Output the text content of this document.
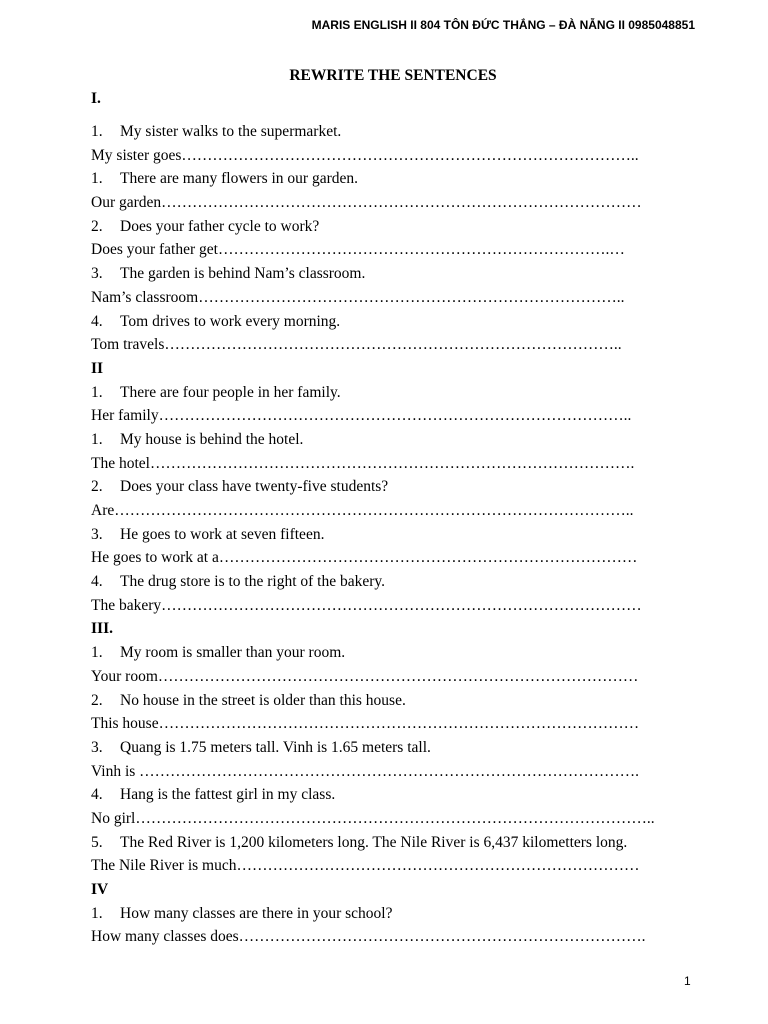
MARIS ENGLISH II 804 TÔN ĐỨC THẮNG – ĐÀ NẴNG II 0985048851
REWRITE THE SENTENCES
I.
1. My sister walks to the supermarket.
My sister goes……………………………………………………………………………..
1. There are many flowers in our garden.
Our garden…………………………………………………………………………………
2. Does your father cycle to work?
Does your father get………………………………………………………………….…
3. The garden is behind Nam’s classroom.
Nam’s classroom………………………………………………………………………..
4. Tom drives to work every morning.
Tom travels……………………………………………………………………………..
II
1. There are four people in her family.
Her family………………………………………………………………………………..
1. My house is behind the hotel.
The hotel………………………………………………………………………………….
2. Does your class have twenty-five students?
Are………………………………………………………………………………………..
3. He goes to work at seven fifteen.
He goes to work at a………………………………………………………………………
4. The drug store is to the right of the bakery.
The bakery…………………………………………………………………………………
III.
1. My room is smaller than your room.
Your room…………………………………………………………………………………
2. No house in the street is older than this house.
This house…………………………………………………………………………………
3. Quang is 1.75 meters tall. Vinh is 1.65 meters tall.
Vinh is …………………………………………………………………………………….
4. Hang is the fattest girl in my class.
No girl………………………………………………………………………………………..
5. The Red River is 1,200 kilometers long. The Nile River is 6,437 kilometters long.
The Nile River is much……………………………………………………………………
IV
1. How many classes are there in your school?
How many classes does…………………………………………………………………….
1
